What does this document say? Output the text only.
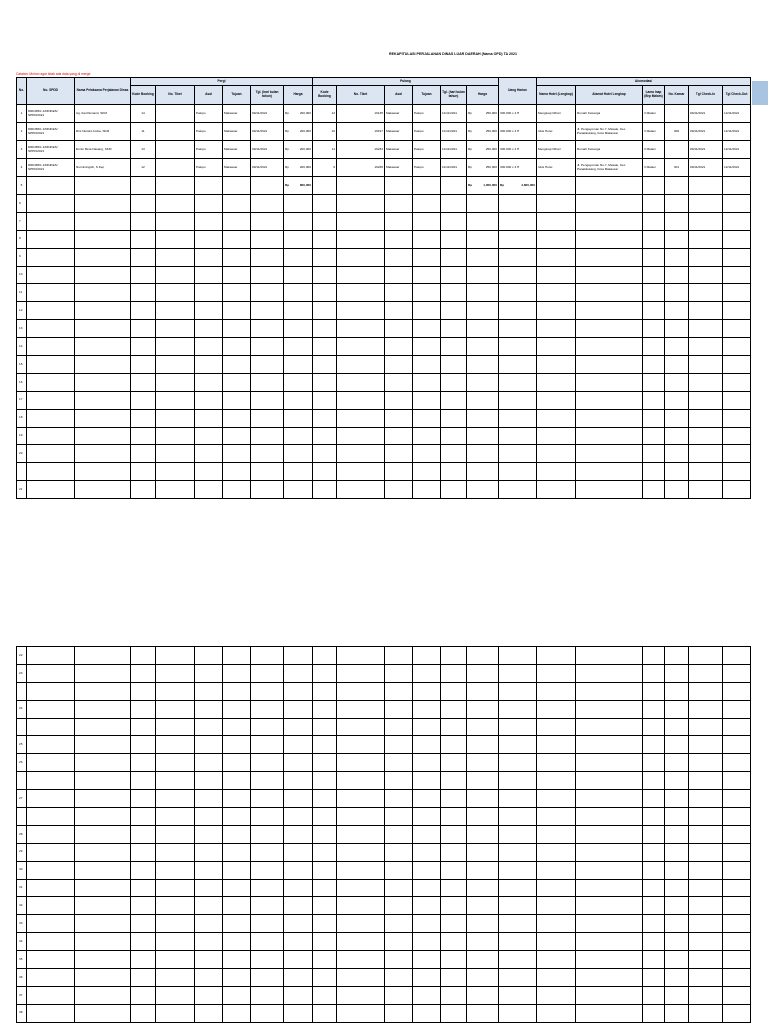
REKAPITULASI PERJALANAN DINAS LUAR DAERAH (Nama OPD) TA 2021
Catatan: Mohon agar tidak ada data yang di merge
No.	No. SPDD	Nama Pelaksana Perjalanan Dinas	Pergi						Pulang						Uang Harian	Akomodasi					
			Kode Booking	No. Tiket	Asal	Tujuan	Tgl. (hari bulan tahun)	Harga	Kode Booking	No. Tiket	Asal	Tujuan	Tgl. (hari bulan tahun)	Harga		Nama Hotel (Lengkap)	Alamat Hotel Lengkap	Lama Inap (Brp Malam)	No. Kamar	Tgl Check-In	Tgl Check-Out
1	800/465/1.1/DINKES/ SPPD/2021	Ag. Ika Rismanti, SKM	14		Palopo	Makassar	09/11/2021	Rp 200,000	13	16135	Makassar	Palopo	11/11/2021	Rp 250,000	300.000 x 4 H	Menginap Dihari	Rumah Keluarga	3 Malam		09/11/2021	12/11/2021
2	800/465/1.1/DINKES/ SPPD/2021	Rini Nuraini Amba, SKM	11		Palopo	Makassar	09/11/2021	Rp 200,000	10	16197	Makassar	Palopo	11/11/2021	Rp 250,000	300.000 x 4 H	Ickis Hotel	Jl. Pengayoman No.7, Masale, Kec. Panakkukang, Kota Makassar	3 Malam	306	09/11/2021	12/11/2021
3	800/465/1.1/DINKES/ SPPD/2021	Ermin Bera Nasang, SKM	13		Palopo	Makassar	09/11/2021	Rp 200,000	11	16233	Makassar	Palopo	11/11/2021	Rp 250,000	300.000 x 4 H	Menginap Dihari	Rumah Keluarga	3 Malam		09/11/2021	12/11/2021
4	800/465/1.1/DINKES/ SPPD/2021	Nurminingsih, S.Kep	12		Palopo	Makassar	09/11/2021	Rp 200,000	9	16238	Makassar	Palopo	11/11/2021	Rp 250,000	300.000 x 4 H	Ickis Hotel	Jl. Pengayoman No.7, Masale, Kec. Panakkukang, Kota Makassar	3 Malam	301	09/11/2021	12/11/2021
5								Rp 800,000						Rp 1,000,000	Rp 4,800,000						

6																					
7																					
8																					
9																					
10																					
11																					
12																					
13																					
14																					
15																					
16																					
17																					
18																					
19																					
20																					

21																					
22																					
23																					

24																					

25																					
26																					

27																					

28																					
29																					
30																					
31																					
32																					
33																					
34																					
35																					
36																					
37																					
38																					
